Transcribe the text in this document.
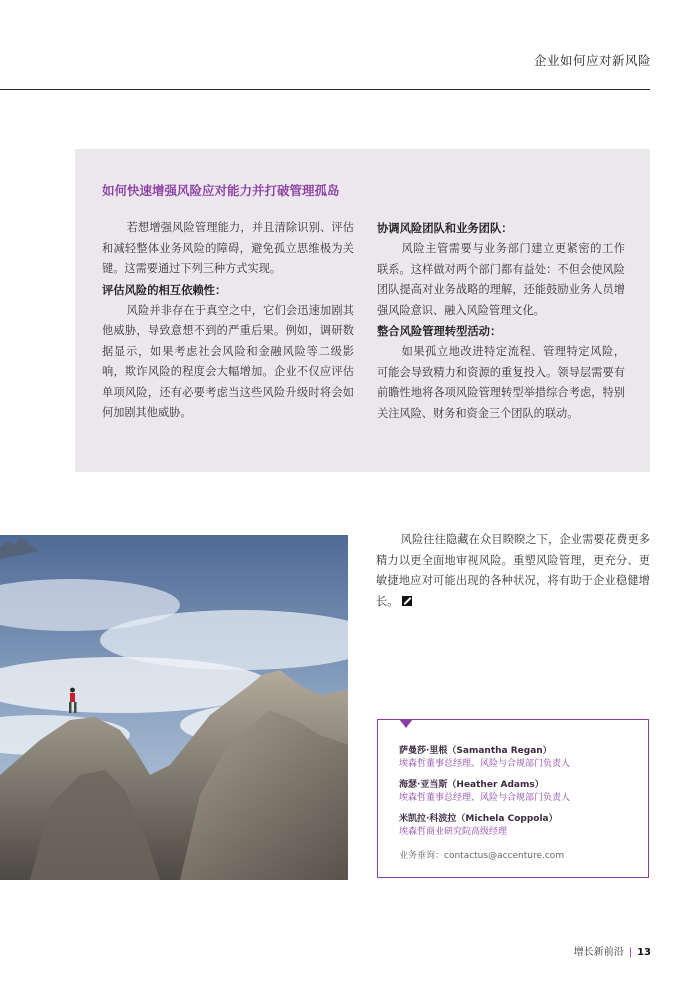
企业如何应对新风险
如何快速增强风险应对能力并打破管理孤岛

若想增强风险管理能力，并且清除识别、评估和减轻整体业务风险的障碍，避免孤立思维极为关键。这需要通过下列三种方式实现。

评估风险的相互依赖性：

风险并非存在于真空之中，它们会迅速加剧其他威胁，导致意想不到的严重后果。例如，调研数据显示，如果考虑社会风险和金融风险等二级影响，欺诈风险的程度会大幅增加。企业不仅应评估单项风险，还有必要考虑当这些风险升级时将会如何加剧其他威胁。

协调风险团队和业务团队：

风险主管需要与业务部门建立更紧密的工作联系。这样做对两个部门都有益处：不但会使风险团队提高对业务战略的理解，还能鼓励业务人员增强风险意识、融入风险管理文化。

整合风险管理转型活动：

如果孤立地改进特定流程、管理特定风险，可能会导致精力和资源的重复投入。领导层需要有前瞻性地将各项风险管理转型举措综合考虑，特别关注风险、财务和资金三个团队的联动。

风险往往隐藏在众目睽睽之下，企业需要花费更多精力以更全面地审视风险。重塑风险管理，更充分、更敏捷地应对可能出现的各种状况，将有助于企业稳健增长。

萨曼莎·里根（Samantha Regan）
埃森哲董事总经理、风险与合规部门负责人
海瑟·亚当斯（Heather Adams）
埃森哲董事总经理、风险与合规部门负责人
米凯拉·科波拉（Michela Coppola）
埃森哲商业研究院高级经理
业务垂询：contactus@accenture.com
增长新前沿 | 13
